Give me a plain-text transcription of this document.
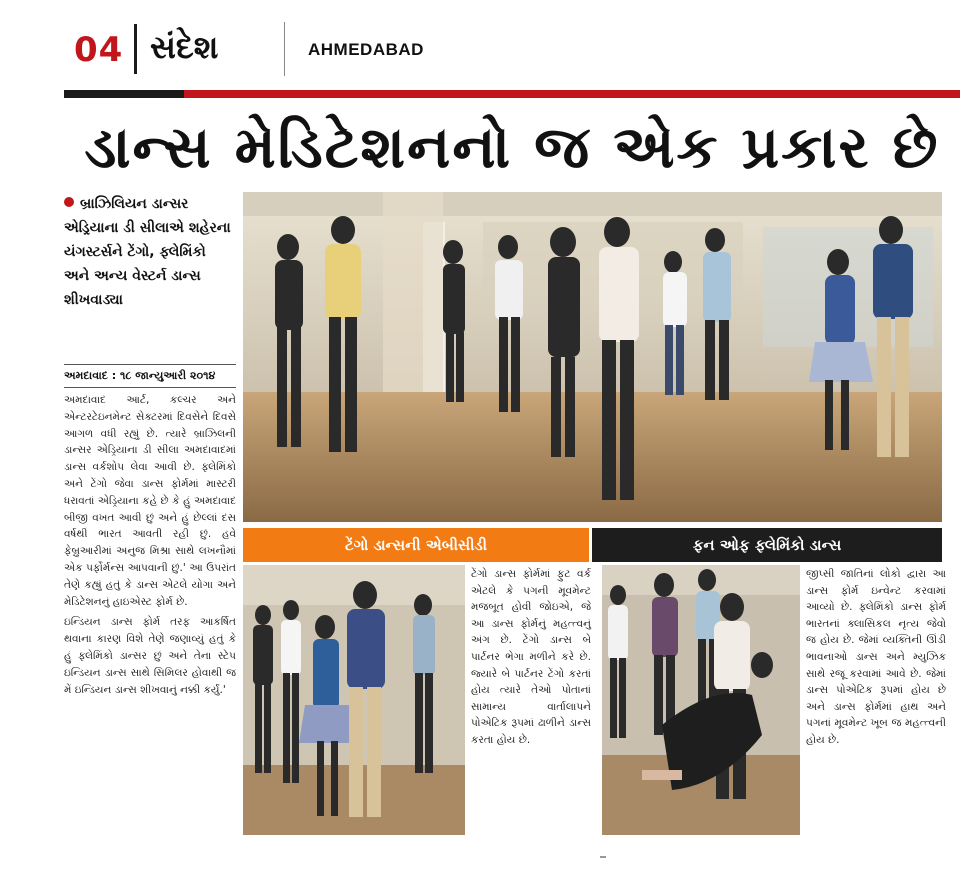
04 સંદેશ	AHMEDABAD
ડાન્સ મેડિટેશનનો જ એક પ્રકાર છે
બ્રાઝિલિયન ડાન્સર એડ્રિયાના ડી સીલાએ શહેરના યંગસ્ટર્સને ટેંગો, ફ્લેમિંકો અને અન્ય વેસ્ટર્ન ડાન્સ શીખવાડ્યા
અમદાવાદ : ૧૮ જાન્યુઆરી ૨૦૧૪

અમદાવાદ આર્ટ, કલ્ચર અને એન્ટરટેઇનમેન્ટ સેક્ટરમાં દિવસેને દિવસે આગળ વધી રહ્યું છે. ત્યારે બ્રાઝિલની ડાન્સર એડ્રિયાના ડી સીલા અમદાવાદમાં ડાન્સ વર્કશોપ લેવા આવી છે. ફ્લેમિંકો અને ટેંગો જેવા ડાન્સ ફોર્મમાં માસ્ટરી ધરાવતાં એડ્રિયાના કહે છે કે હું અમદાવાદ બીજી વખત આવી છું અને હું છેલ્લાં દસ વર્ષથી ભારત આવતી રહી છું. હવે ફેબ્રુઆરીમાં અનુજ મિશ્રા સાથે લખનૌમાં એક પર્ફોર્મન્સ આપવાની છું.' આ ઉપરાંત તેણે કહ્યું હતું કે ડાન્સ એટલે યોગા અને મેડિટેશનનું હાઇએસ્ટ ફોર્મ છે.

ઇન્ડિયન ડાન્સ ફોર્મ તરફ આકર્ષિત થવાના કારણ વિશે તેણે જણાવ્યું હતું કે હું ફ્લેમિંકો ડાન્સર છું અને તેના સ્ટેપ ઇન્ડિયન ડાન્સ સાથે સિમિલર હોવાથી જ મેં ઇન્ડિયન ડાન્સ શીખવાનું નક્કી કર્યું.'

ટેંગો ડાન્સની એબીસીડી	ફન ઓફ ફ્લેમિંકો ડાન્સ
ટેંગો ડાન્સ ફોર્મમાં ફુટ વર્ક એટલે કે પગની મૂવમેન્ટ મજબૂત હોવી જોઇએ, જે આ ડાન્સ ફોર્મનું મહત્ત્વનું અંગ છે. ટેંગો ડાન્સ બે પાર્ટનર ભેગા મળીને કરે છે. જ્યારે બે પાર્ટનર ટેંગો કરતાં હોય ત્યારે તેઓ પોતાનાં સામાન્ય વાર્તાલાપને પોએટિક રૂપમાં ઢાળીને ડાન્સ કરતા હોય છે.
જીપ્સી જાતિનાં લોકો દ્વારા આ ડાન્સ ફોર્મ ઇન્વેન્ટ કરવામાં આવ્યો છે. ફ્લેમિંકો ડાન્સ ફોર્મ ભારતનાં ક્લાસિકલ નૃત્ય જેવો જ હોય છે. જેમાં વ્યક્તિની ઊંડી ભાવનાઓ ડાન્સ અને મ્યુઝિક સાથે રજૂ કરવામાં આવે છે. જેમાં ડાન્સ પોએટિક રૂપમાં હોય છે અને ડાન્સ ફોર્મમાં હાથ અને પગનાં મૂવમેન્ટ ખૂબ જ મહત્ત્વની હોય છે.
